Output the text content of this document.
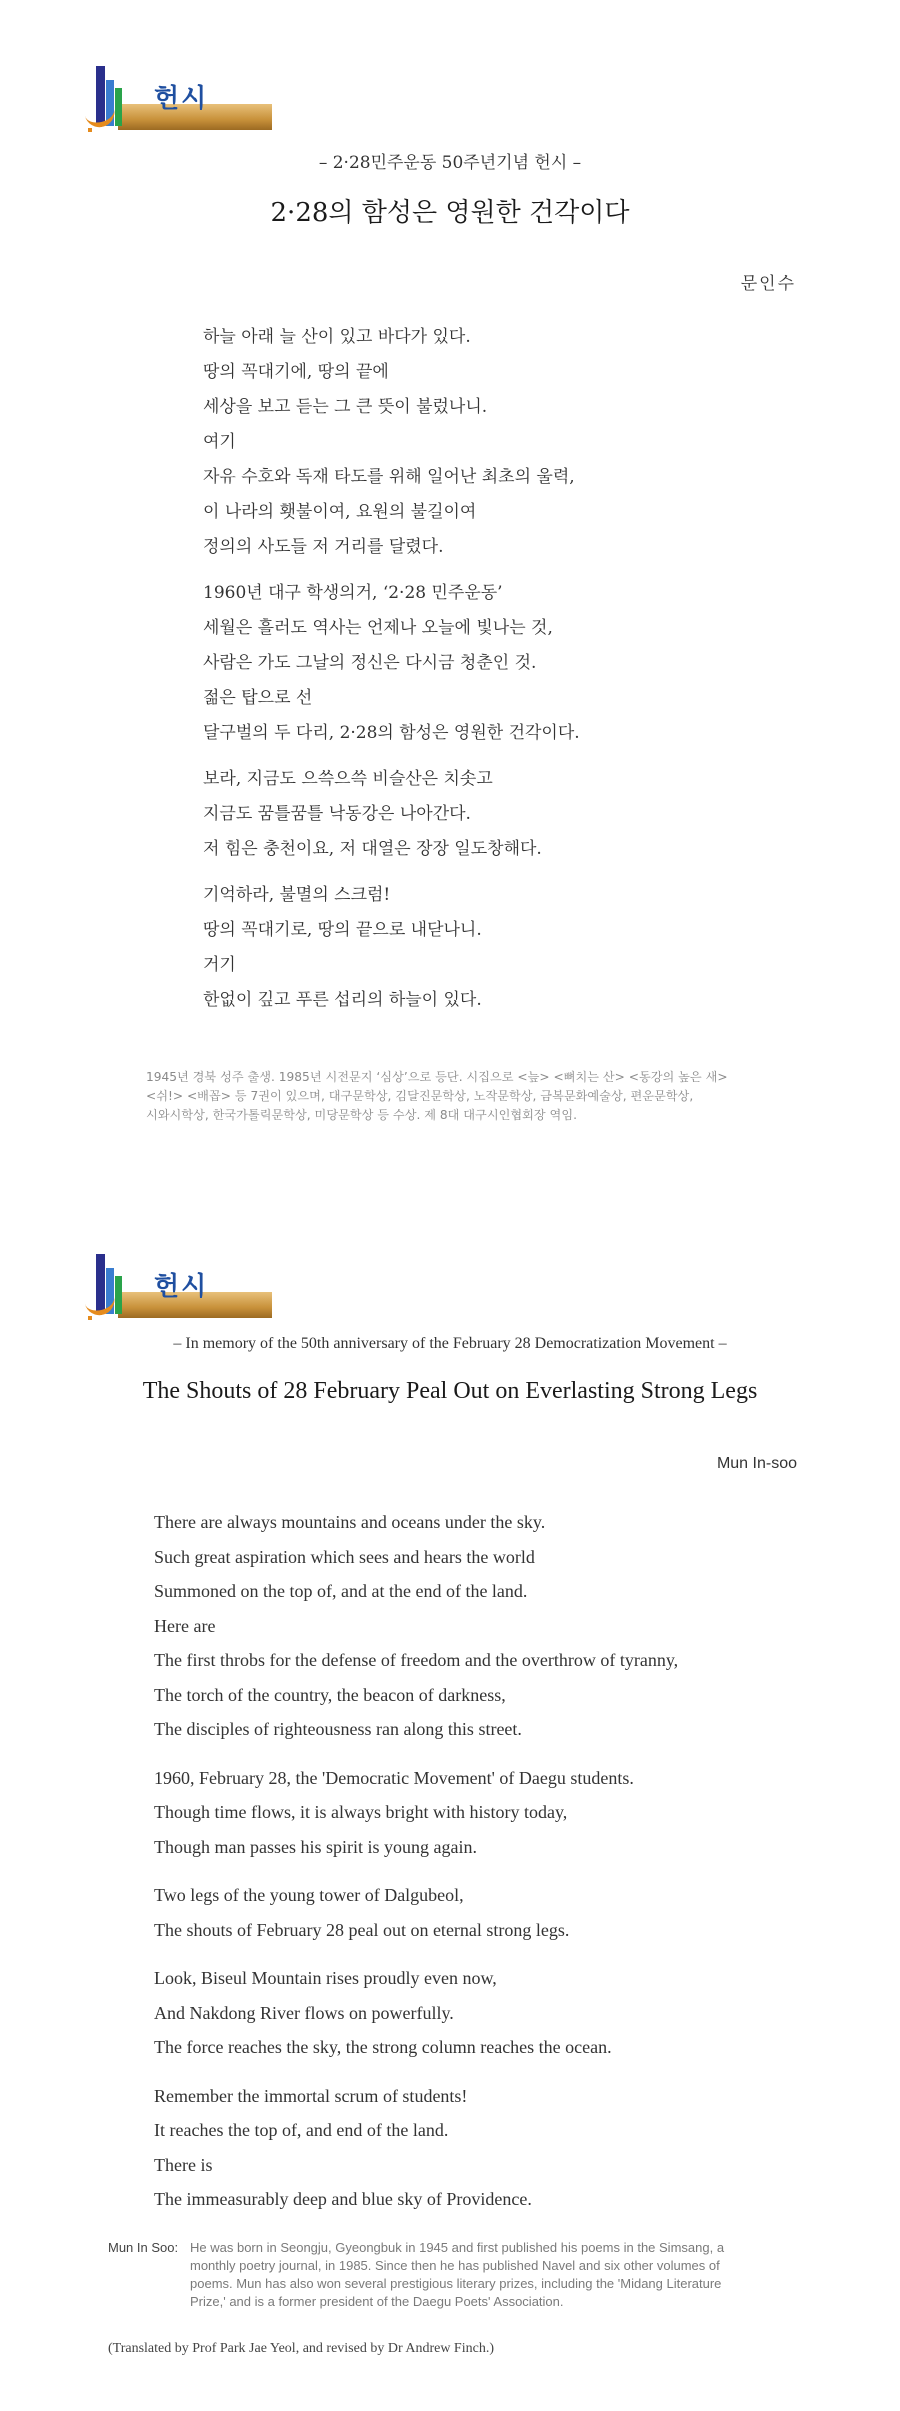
헌시
– 2·28민주운동 50주년기념 헌시 –
2·28의 함성은 영원한 건각이다
문인수
하늘 아래 늘 산이 있고 바다가 있다.
땅의 꼭대기에, 땅의 끝에
세상을 보고 듣는 그 큰 뜻이 불렀나니.
여기
자유 수호와 독재 타도를 위해 일어난 최초의 울력,
이 나라의 횃불이여, 요원의 불길이여
정의의 사도들 저 거리를 달렸다.
1960년 대구 학생의거, ‘2·28 민주운동’
세월은 흘러도 역사는 언제나 오늘에 빛나는 것,
사람은 가도 그날의 정신은 다시금 청춘인 것.
젊은 탑으로 선
달구벌의 두 다리, 2·28의 함성은 영원한 건각이다.
보라, 지금도 으쓱으쓱 비슬산은 치솟고
지금도 꿈틀꿈틀 낙동강은 나아간다.
저 힘은 충천이요, 저 대열은 장장 일도창해다.
기억하라, 불멸의 스크럼!
땅의 꼭대기로, 땅의 끝으로 내닫나니.
거기
한없이 깊고 푸른 섭리의 하늘이 있다.
1945년 경북 성주 출생. 1985년 시전문지 ‘심상’으로 등단. 시집으로 <늪> <뼈치는 산> <동강의 높은 새>
<쉬!> <배꼽> 등 7권이 있으며, 대구문학상, 김달진문학상, 노작문학상, 금복문화예술상, 편운문학상,
시와시학상, 한국가톨릭문학상, 미당문학상 등 수상. 제 8대 대구시인협회장 역임.
헌시
– In memory of the 50th anniversary of the February 28 Democratization Movement –
The Shouts of 28 February Peal Out on Everlasting Strong Legs
Mun In-soo
There are always mountains and oceans under the sky.
Such great aspiration which sees and hears the world
Summoned on the top of, and at the end of the land.
Here are
The first throbs for the defense of freedom and the overthrow of tyranny,
The torch of the country, the beacon of darkness,
The disciples of righteousness ran along this street.
1960, February 28, the 'Democratic Movement' of Daegu students.
Though time flows, it is always bright with history today,
Though man passes his spirit is young again.
Two legs of the young tower of Dalgubeol,
The shouts of February 28 peal out on eternal strong legs.
Look, Biseul Mountain rises proudly even now,
And Nakdong River flows on powerfully.
The force reaches the sky, the strong column reaches the ocean.
Remember the immortal scrum of students!
It reaches the top of, and end of the land.
There is
The immeasurably deep and blue sky of Providence.
Mun In Soo: He was born in Seongju, Gyeongbuk in 1945 and first published his poems in the Simsang, a
monthly poetry journal, in 1985. Since then he has published Navel and six other volumes of
poems. Mun has also won several prestigious literary prizes, including the 'Midang Literature
Prize,' and is a former president of the Daegu Poets' Association.
(Translated by Prof Park Jae Yeol, and revised by Dr Andrew Finch.)
